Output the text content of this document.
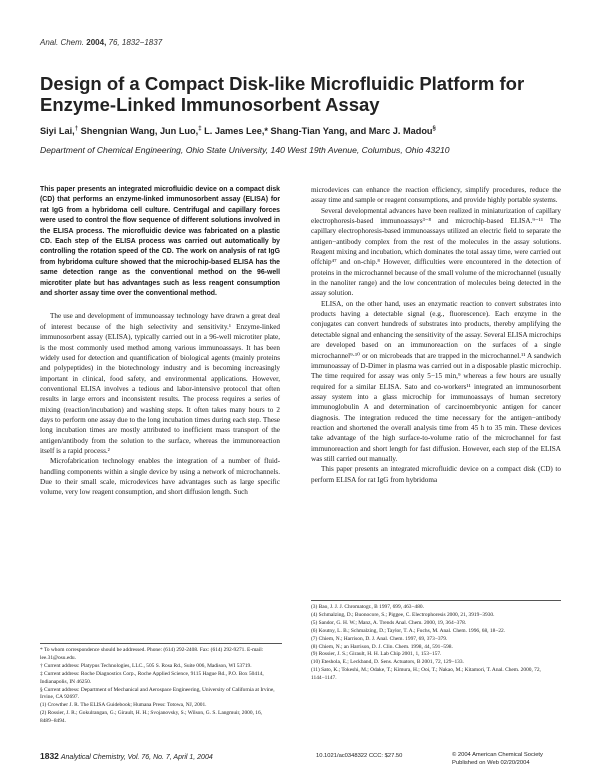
Anal. Chem. 2004, 76, 1832−1837
Design of a Compact Disk-like Microfluidic Platform for Enzyme-Linked Immunosorbent Assay
Siyi Lai,† Shengnian Wang, Jun Luo,‡ L. James Lee,* Shang-Tian Yang, and Marc J. Madou§
Department of Chemical Engineering, Ohio State University, 140 West 19th Avenue, Columbus, Ohio 43210

This paper presents an integrated microfluidic device on a compact disk (CD) that performs an enzyme-linked immunosorbent assay (ELISA) for rat IgG from a hybridoma cell culture. Centrifugal and capillary forces were used to control the flow sequence of different solutions involved in the ELISA process. The microfluidic device was fabricated on a plastic CD. Each step of the ELISA process was carried out automatically by controlling the rotation speed of the CD. The work on analysis of rat IgG from hybridoma culture showed that the microchip-based ELISA has the same detection range as the conventional method on the 96-well microtiter plate but has advantages such as less reagent consumption and shorter assay time over the conventional method.

The use and development of immunoassay technology have drawn a great deal of interest because of the high selectivity and sensitivity.¹ Enzyme-linked immunosorbent assay (ELISA), typically carried out in a 96-well microtiter plate, is the most commonly used method among various immunoassays. It has been widely used for detection and quantification of biological agents (mainly proteins and polypeptides) in the biotechnology industry and is becoming increasingly important in clinical, food safety, and environmental applications. However, conventional ELISA involves a tedious and labor-intensive protocol that often results in large errors and inconsistent results. The process requires a series of mixing (reaction/incubation) and washing steps. It often takes many hours to 2 days to perform one assay due to the long incubation times during each step. These long incubation times are mostly attributed to inefficient mass transport of the antigen/antibody from the solution to the surface, whereas the immunoreaction itself is a rapid process.²

Microfabrication technology enables the integration of a number of fluid-handling components within a single device by using a network of microchannels. Due to their small scale, microdevices have advantages such as large specific volume, very low reagent consumption, and short diffusion length. Such

* To whom correspondence should be addressed. Phone: (614) 292-2408. Fax: (614) 292-9271. E-mail: lee.31@osu.edu.
† Current address: Platypus Technologies, LLC., 505 S. Rosa Rd., Suite 006, Madison, WI 53719.
‡ Current address: Roche Diagnostics Corp., Roche Applied Science, 9115 Hague Rd., P.O. Box 50414, Indianapolis, IN 46250.
§ Current address: Department of Mechanical and Aerospace Engineering, University of California at Irvine, Irvine, CA 92697.
(1) Crowther J. R. The ELISA Guidebook; Humana Press: Totowa, NJ, 2001.
(2) Rossier, J. R.; Gokulrangan, G.; Girault, H. H.; Svojanovsky, S.; Wilson, G. S. Langmuir, 2000, 16, 8489−8494.

microdevices can enhance the reaction efficiency, simplify procedures, reduce the assay time and sample or reagent consumptions, and provide highly portable systems.

Several developmental advances have been realized in miniaturization of capillary electrophoresis-based immunoassays³⁻⁸ and microchip-based ELISA.⁹⁻¹¹ The capillary electrophoresis-based immunoassays utilized an electric field to separate the antigen−antibody complex from the rest of the molecules in the assay solutions. Reagent mixing and incubation, which dominates the total assay time, were carried out offchip⁴⁷ and on-chip.⁸ However, difficulties were encountered in the detection of proteins in the microchannel because of the small volume of the microchannel (usually in the nanoliter range) and the low concentration of molecules being detected in the assay solution.

ELISA, on the other hand, uses an enzymatic reaction to convert substrates into products having a detectable signal (e.g., fluorescence). Each enzyme in the conjugates can convert hundreds of substrates into products, thereby amplifying the detectable signal and enhancing the sensitivity of the assay. Several ELISA microchips are developed based on an immunoreaction on the surfaces of a single microchannel⁹·¹⁰ or on microbeads that are trapped in the microchannel.¹¹ A sandwich immunoassay of D-Dimer in plasma was carried out in a disposable plastic microchip. The time required for assay was only 5−15 min,⁹ whereas a few hours are usually required for a similar ELISA. Sato and co-workers¹¹ integrated an immunosorbent assay system into a glass microchip for immunoassays of human secretory immunoglobulin A and determination of carcinoembryonic antigen for cancer diagnosis. The integration reduced the time necessary for the antigen−antibody reaction and shortened the overall analysis time from 45 h to 35 min. These devices take advantage of the high surface-to-volume ratio of the microchannel for fast immunoreaction and short length for fast diffusion. However, each step of the ELISA was still carried out manually.

This paper presents an integrated microfluidic device on a compact disk (CD) to perform ELISA for rat IgG from hybridoma

(3) Bao, J. J. J. Chromatogr., B 1997, 699, 463−480.
(4) Schmalzing, D.; Buonocore, S.; Piggee, C. Electrophoresis 2000, 21, 3919−3930.
(5) Sandor, G. H. W.; Manz, A. Trends Anal. Chem. 2000, 19, 364−378.
(6) Koutny, L. B.; Schmalzing, D.; Taylor, T. A.; Fuchs, M. Anal. Chem. 1996, 68, 18−22.
(7) Chiem, N.; Harrison, D. J. Anal. Chem. 1997, 69, 373−379.
(8) Chiem, N.; an Harrison, D. J. Clin. Chem. 1998, 44, 591−598.
(9) Rossier, J. S.; Girault, H. H. Lab Chip 2001, 1, 153−157.
(10) Eteshola, E.; Leckband, D. Sens. Actuators, B 2001, 72, 129−133.
(11) Sato, K.; Tokeshi, M.; Odake, T.; Kimura, H.; Ooi, T.; Nakao, M.; Kitamori, T. Anal. Chem. 2000, 72, 1144−1147.
1832 Analytical Chemistry, Vol. 76, No. 7, April 1, 2004	10.1021/ac0348322 CCC: $27.50	© 2004 American Chemical Society
Published on Web 02/20/2004
